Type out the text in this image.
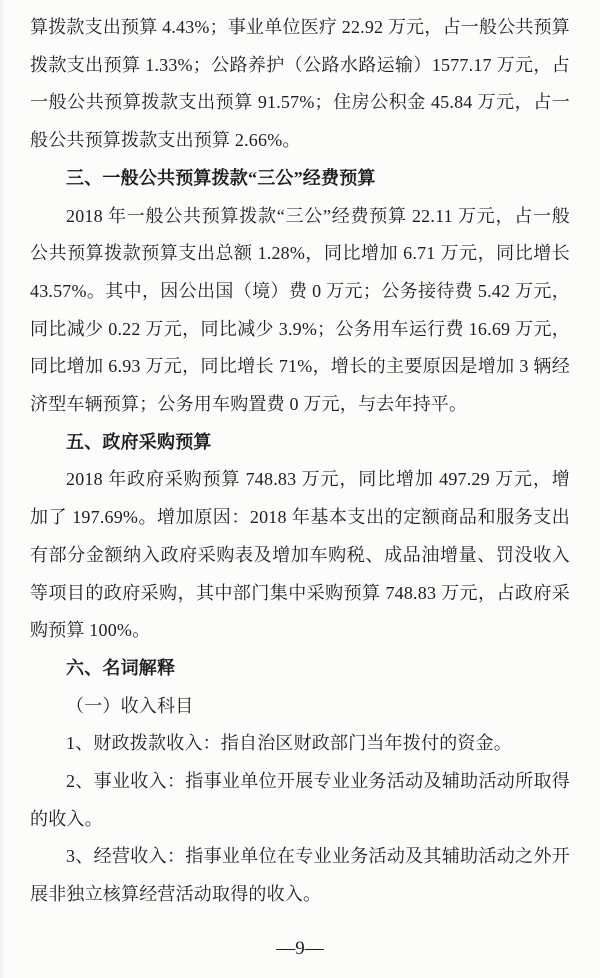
算拨款支出预算 4.43%；事业单位医疗 22.92 万元，占一般公共预算拨款支出预算 1.33%；公路养护（公路水路运输）1577.17 万元，占一般公共预算拨款支出预算 91.57%；住房公积金 45.84 万元，占一般公共预算拨款支出预算 2.66%。

三、一般公共预算拨款“三公”经费预算

2018 年一般公共预算拨款“三公”经费预算 22.11 万元，占一般公共预算拨款预算支出总额 1.28%，同比增加 6.71 万元，同比增长 43.57%。其中，因公出国（境）费 0 万元；公务接待费 5.42 万元，同比减少 0.22 万元，同比减少 3.9%；公务用车运行费 16.69 万元，同比增加 6.93 万元，同比增长 71%，增长的主要原因是增加 3 辆经济型车辆预算；公务用车购置费 0 万元，与去年持平。

五、政府采购预算

2018 年政府采购预算 748.83 万元，同比增加 497.29 万元，增加了 197.69%。增加原因：2018 年基本支出的定额商品和服务支出有部分金额纳入政府采购表及增加车购税、成品油增量、罚没收入等项目的政府采购，其中部门集中采购预算 748.83 万元，占政府采购预算 100%。

六、名词解释

（一）收入科目

1、财政拨款收入：指自治区财政部门当年拨付的资金。

2、事业收入：指事业单位开展专业业务活动及辅助活动所取得的收入。

3、经营收入：指事业单位在专业业务活动及其辅助活动之外开展非独立核算经营活动取得的收入。

—9—
